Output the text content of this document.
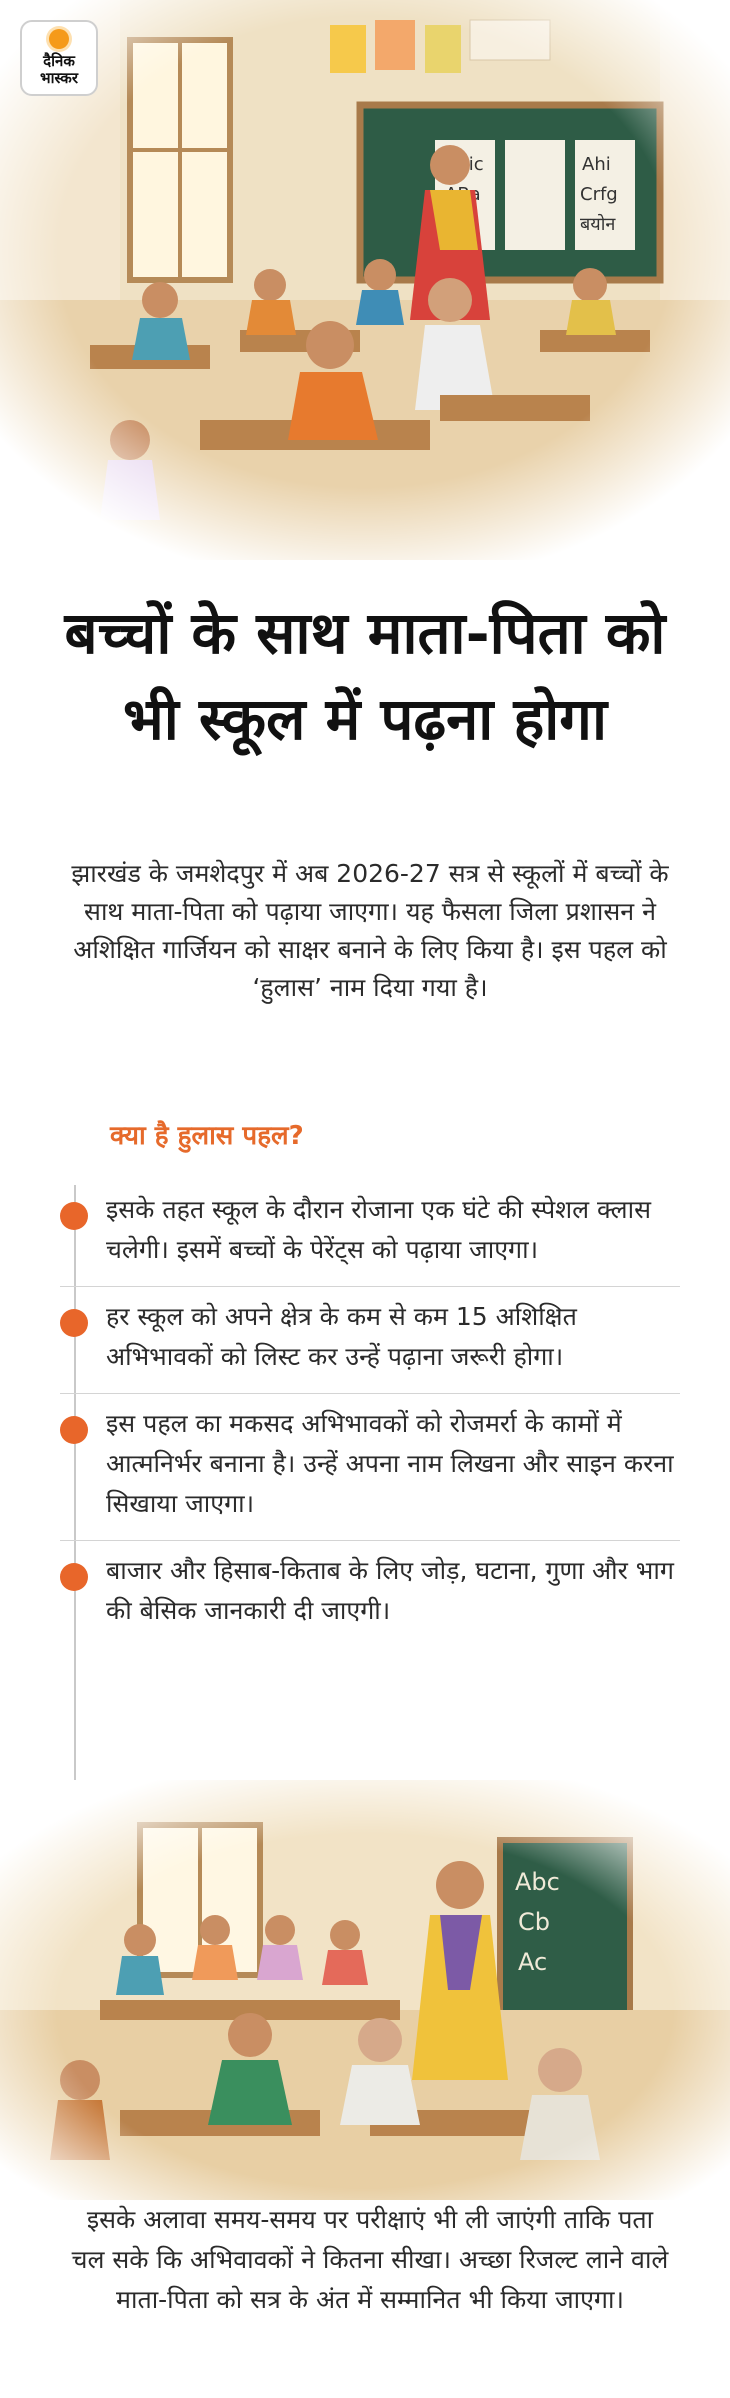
दैनिक
भास्कर
बच्चों के साथ माता-पिता को भी स्कूल में पढ़ना होगा

झारखंड के जमशेदपुर में अब 2026-27 सत्र से स्कूलों में बच्चों के साथ माता-पिता को पढ़ाया जाएगा। यह फैसला जिला प्रशासन ने अशिक्षित गार्जियन को साक्षर बनाने के लिए किया है। इस पहल को ‘हुलास’ नाम दिया गया है।

क्या है हुलास पहल?
इसके तहत स्कूल के दौरान रोजाना एक घंटे की स्पेशल क्लास चलेगी। इसमें बच्चों के पेरेंट्स को पढ़ाया जाएगा।
हर स्कूल को अपने क्षेत्र के कम से कम 15 अशिक्षित अभिभावकों को लिस्ट कर उन्हें पढ़ाना जरूरी होगा।
इस पहल का मकसद अभिभावकों को रोजमर्रा के कामों में आत्मनिर्भर बनाना है। उन्हें अपना नाम लिखना और साइन करना सिखाया जाएगा।
बाजार और हिसाब-किताब के लिए जोड़, घटाना, गुणा और भाग की बेसिक जानकारी दी जाएगी।

इसके अलावा समय-समय पर परीक्षाएं भी ली जाएंगी ताकि पता चल सके कि अभिवावकों ने कितना सीखा। अच्छा रिजल्ट लाने वाले माता-पिता को सत्र के अंत में सम्मानित भी किया जाएगा।
